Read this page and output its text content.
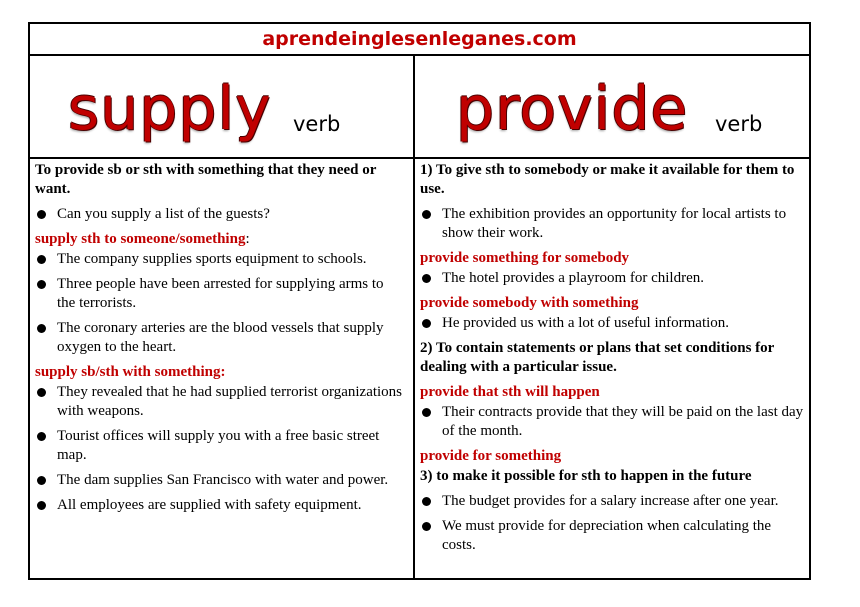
aprendeinglesenleganes.com
supply verb provide verb

To provide sb or sth with something that they need or want.

Can you supply a list of the guests?

supply sth to someone/something:

The company supplies sports equipment to schools.

Three people have been arrested for supplying arms to the terrorists.

The coronary arteries are the blood vessels that supply oxygen to the heart.

supply sb/sth with something:

They revealed that he had supplied terrorist organizations with weapons.

Tourist offices will supply you with a free basic street map.

The dam supplies San Francisco with water and power.

All employees are supplied with safety equipment.

1) To give sth to somebody or make it available for them to use.

The exhibition provides an opportunity for local artists to show their work.

provide something for somebody

The hotel provides a playroom for children.

provide somebody with something

He provided us with a lot of useful information.

2) To contain statements or plans that set conditions for dealing with a particular issue.

provide that sth will happen

Their contracts provide that they will be paid on the last day of the month.

provide for something

3) to make it possible for sth to happen in the future

The budget provides for a salary increase after one year.

We must provide for depreciation when calculating the costs.
